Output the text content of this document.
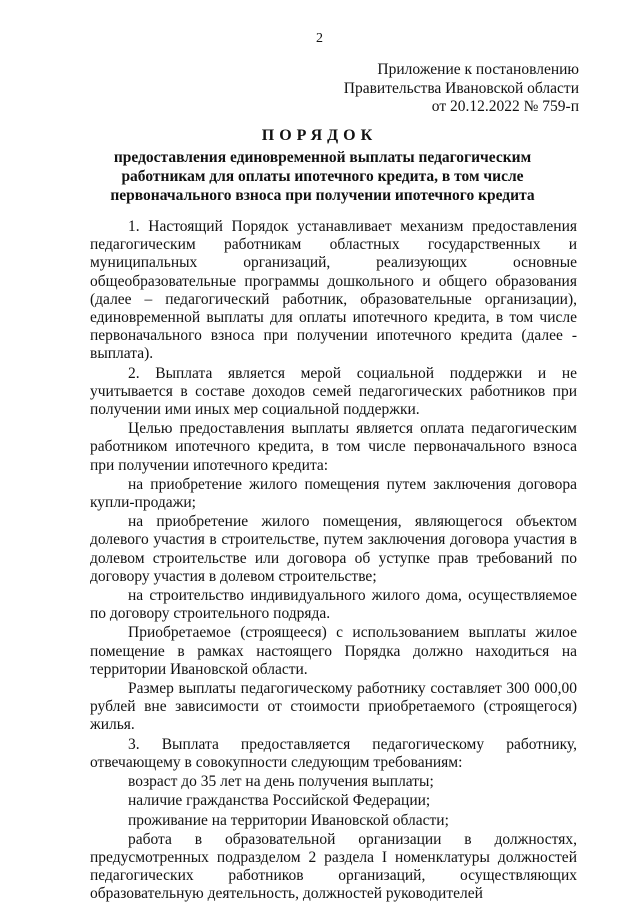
2
Приложение к постановлению
Правительства Ивановской области
от 20.12.2022 № 759-п
ПОРЯДОК
предоставления единовременной выплаты педагогическим работникам для оплаты ипотечного кредита, в том числе первоначального взноса при получении ипотечного кредита

1. Настоящий Порядок устанавливает механизм предоставления педагогическим работникам областных государственных и муниципальных организаций, реализующих основные общеобразовательные программы дошкольного и общего образования (далее – педагогический работник, образовательные организации), единовременной выплаты для оплаты ипотечного кредита, в том числе первоначального взноса при получении ипотечного кредита (далее - выплата).

2. Выплата является мерой социальной поддержки и не учитывается в составе доходов семей педагогических работников при получении ими иных мер социальной поддержки.

Целью предоставления выплаты является оплата педагогическим работником ипотечного кредита, в том числе первоначального взноса при получении ипотечного кредита:

на приобретение жилого помещения путем заключения договора купли-продажи;

на приобретение жилого помещения, являющегося объектом долевого участия в строительстве, путем заключения договора участия в долевом строительстве или договора об уступке прав требований по договору участия в долевом строительстве;

на строительство индивидуального жилого дома, осуществляемое по договору строительного подряда.

Приобретаемое (строящееся) с использованием выплаты жилое помещение в рамках настоящего Порядка должно находиться на территории Ивановской области.

Размер выплаты педагогическому работнику составляет 300 000,00 рублей вне зависимости от стоимости приобретаемого (строящегося) жилья.

3. Выплата предоставляется педагогическому работнику, отвечающему в совокупности следующим требованиям:

возраст до 35 лет на день получения выплаты;

наличие гражданства Российской Федерации;

проживание на территории Ивановской области;

работа в образовательной организации в должностях, предусмотренных подразделом 2 раздела I номенклатуры должностей педагогических работников организаций, осуществляющих образовательную деятельность, должностей руководителей
